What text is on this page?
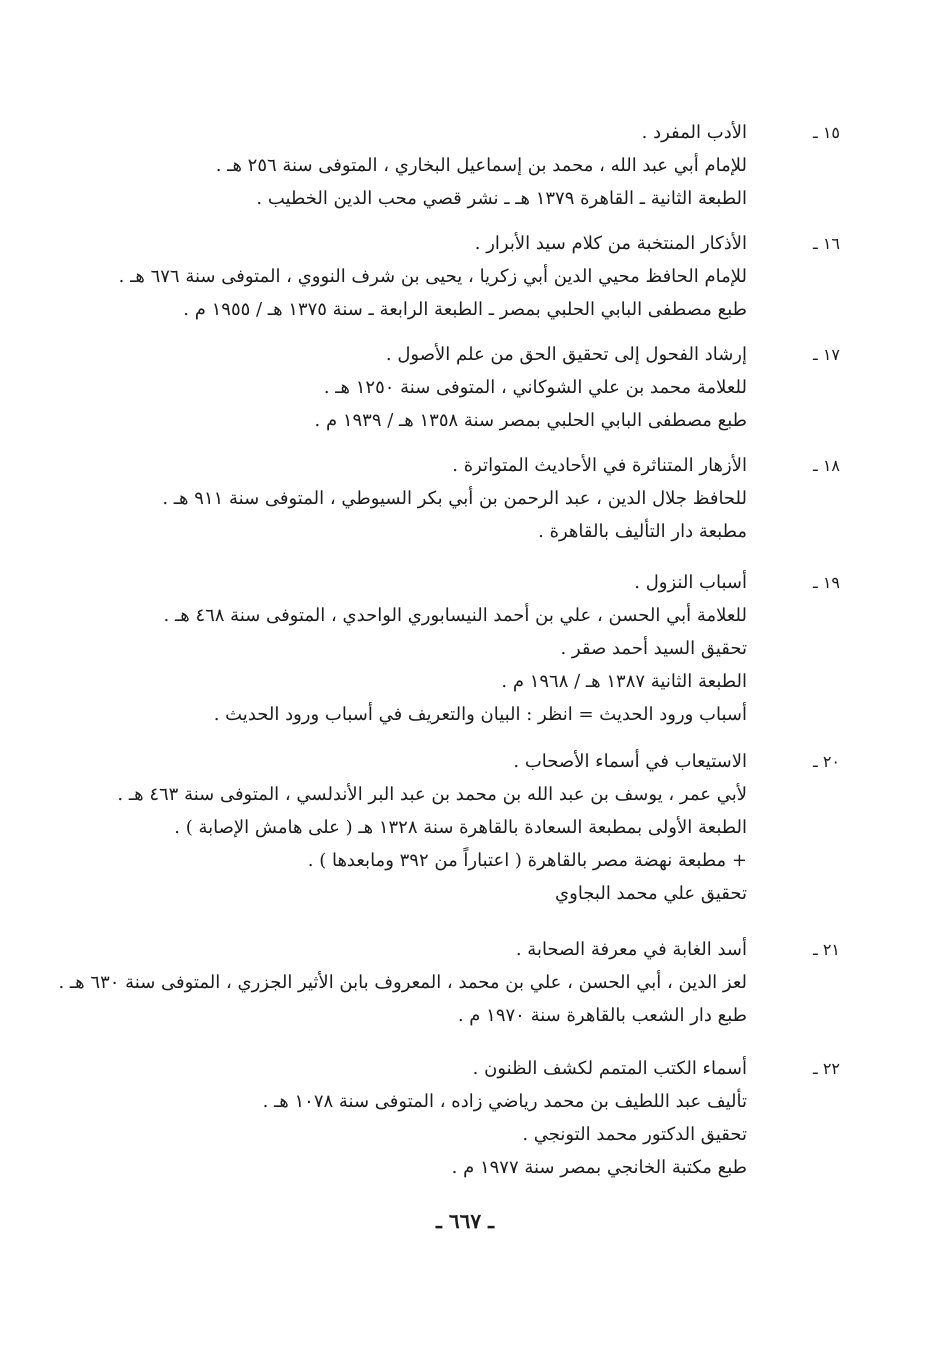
١٥ ـ
الأدب المفرد .
للإمام أبي عبد الله ، محمد بن إسماعيل البخاري ، المتوفى سنة ٢٥٦ هـ .
الطبعة الثانية ـ القاهرة ١٣٧٩ هـ ـ نشر قصي محب الدين الخطيب .
١٦ ـ
الأذكار المنتخبة من كلام سيد الأبرار .
للإمام الحافظ محيي الدين أبي زكريا ، يحيى بن شرف النووي ، المتوفى سنة ٦٧٦ هـ .
طبع مصطفى البابي الحلبي بمصر ـ الطبعة الرابعة ـ سنة ١٣٧٥ هـ / ١٩٥٥ م .
١٧ ـ
إرشاد الفحول إلى تحقيق الحق من علم الأصول .
للعلامة محمد بن علي الشوكاني ، المتوفى سنة ١٢٥٠ هـ .
طبع مصطفى البابي الحلبي بمصر سنة ١٣٥٨ هـ / ١٩٣٩ م .
١٨ ـ
الأزهار المتناثرة في الأحاديث المتواترة .
للحافظ جلال الدين ، عبد الرحمن بن أبي بكر السيوطي ، المتوفى سنة ٩١١ هـ .
مطبعة دار التأليف بالقاهرة .
١٩ ـ
أسباب النزول .
للعلامة أبي الحسن ، علي بن أحمد النيسابوري الواحدي ، المتوفى سنة ٤٦٨ هـ .
تحقيق السيد أحمد صقر .
الطبعة الثانية ١٣٨٧ هـ / ١٩٦٨ م .
أسباب ورود الحديث = انظر : البيان والتعريف في أسباب ورود الحديث .
٢٠ ـ
الاستيعاب في أسماء الأصحاب .
لأبي عمر ، يوسف بن عبد الله بن محمد بن عبد البر الأندلسي ، المتوفى سنة ٤٦٣ هـ .
الطبعة الأولى بمطبعة السعادة بالقاهرة سنة ١٣٢٨ هـ ( على هامش الإصابة ) .
+ مطبعة نهضة مصر بالقاهرة ( اعتباراً من ٣٩٢ ومابعدها ) .
تحقيق علي محمد البجاوي
٢١ ـ
أسد الغابة في معرفة الصحابة .
لعز الدين ، أبي الحسن ، علي بن محمد ، المعروف بابن الأثير الجزري ، المتوفى سنة ٦٣٠ هـ .
طبع دار الشعب بالقاهرة سنة ١٩٧٠ م .
٢٢ ـ
أسماء الكتب المتمم لكشف الظنون .
تأليف عبد اللطيف بن محمد رياضي زاده ، المتوفى سنة ١٠٧٨ هـ .
تحقيق الدكتور محمد التونجي .
طبع مكتبة الخانجي بمصر سنة ١٩٧٧ م .
ـ ٦٦٧ ـ
